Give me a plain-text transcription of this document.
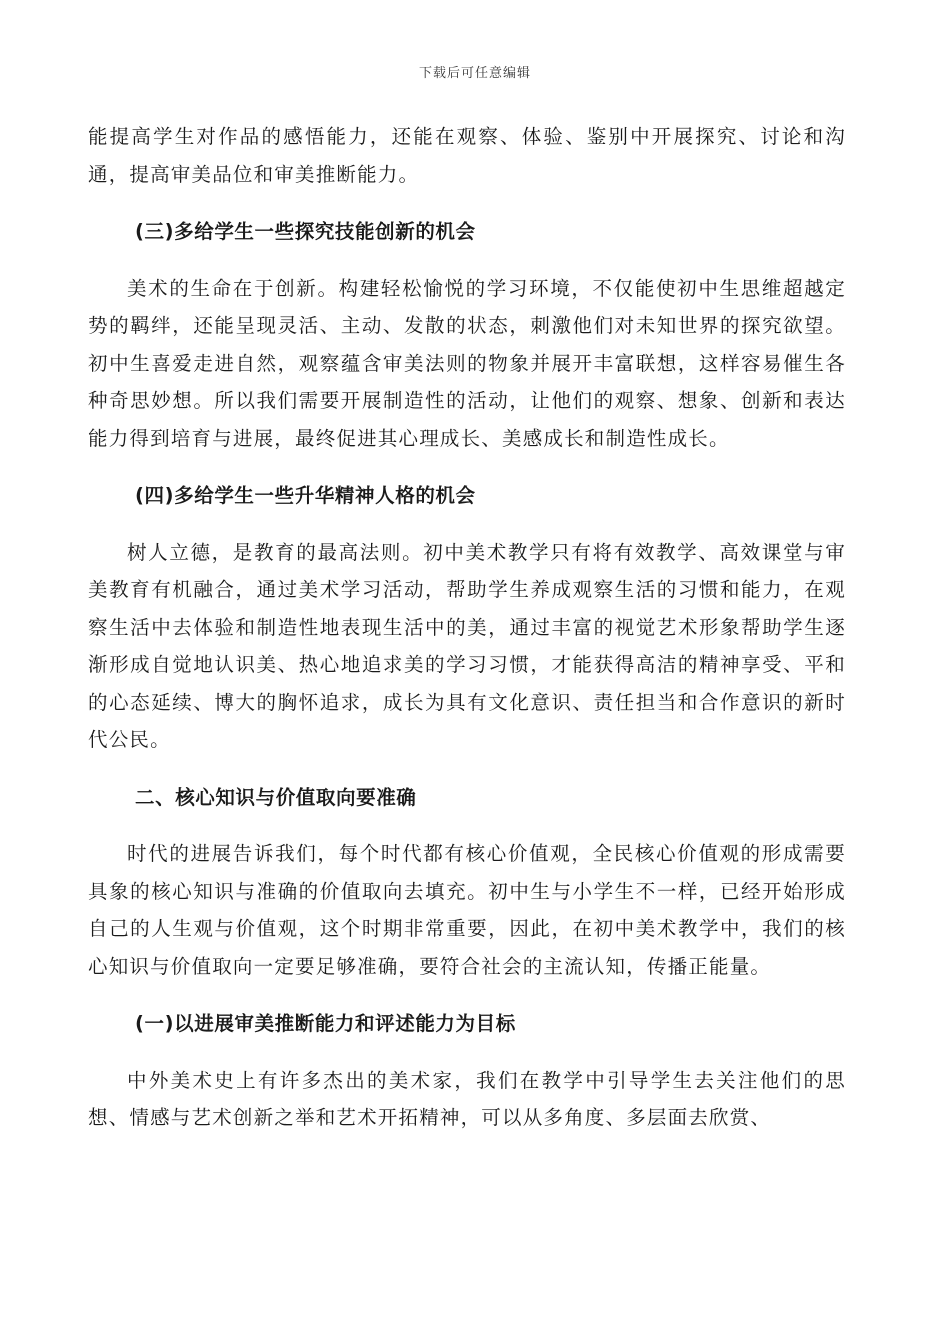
下载后可任意编辑

能提高学生对作品的感悟能力，还能在观察、体验、鉴别中开展探究、讨论和沟通，提高审美品位和审美推断能力。

(三)多给学生一些探究技能创新的机会

美术的生命在于创新。构建轻松愉悦的学习环境，不仅能使初中生思维超越定势的羁绊，还能呈现灵活、主动、发散的状态，刺激他们对未知世界的探究欲望。初中生喜爱走进自然，观察蕴含审美法则的物象并展开丰富联想，这样容易催生各种奇思妙想。所以我们需要开展制造性的活动，让他们的观察、想象、创新和表达能力得到培育与进展，最终促进其心理成长、美感成长和制造性成长。

(四)多给学生一些升华精神人格的机会

树人立德，是教育的最高法则。初中美术教学只有将有效教学、高效课堂与审美教育有机融合，通过美术学习活动，帮助学生养成观察生活的习惯和能力，在观察生活中去体验和制造性地表现生活中的美，通过丰富的视觉艺术形象帮助学生逐渐形成自觉地认识美、热心地追求美的学习习惯，才能获得高洁的精神享受、平和的心态延续、博大的胸怀追求，成长为具有文化意识、责任担当和合作意识的新时代公民。

二、核心知识与价值取向要准确

时代的进展告诉我们，每个时代都有核心价值观，全民核心价值观的形成需要具象的核心知识与准确的价值取向去填充。初中生与小学生不一样，已经开始形成自己的人生观与价值观，这个时期非常重要，因此，在初中美术教学中，我们的核心知识与价值取向一定要足够准确，要符合社会的主流认知，传播正能量。

(一)以进展审美推断能力和评述能力为目标

中外美术史上有许多杰出的美术家，我们在教学中引导学生去关注他们的思想、情感与艺术创新之举和艺术开拓精神，可以从多角度、多层面去欣赏、
